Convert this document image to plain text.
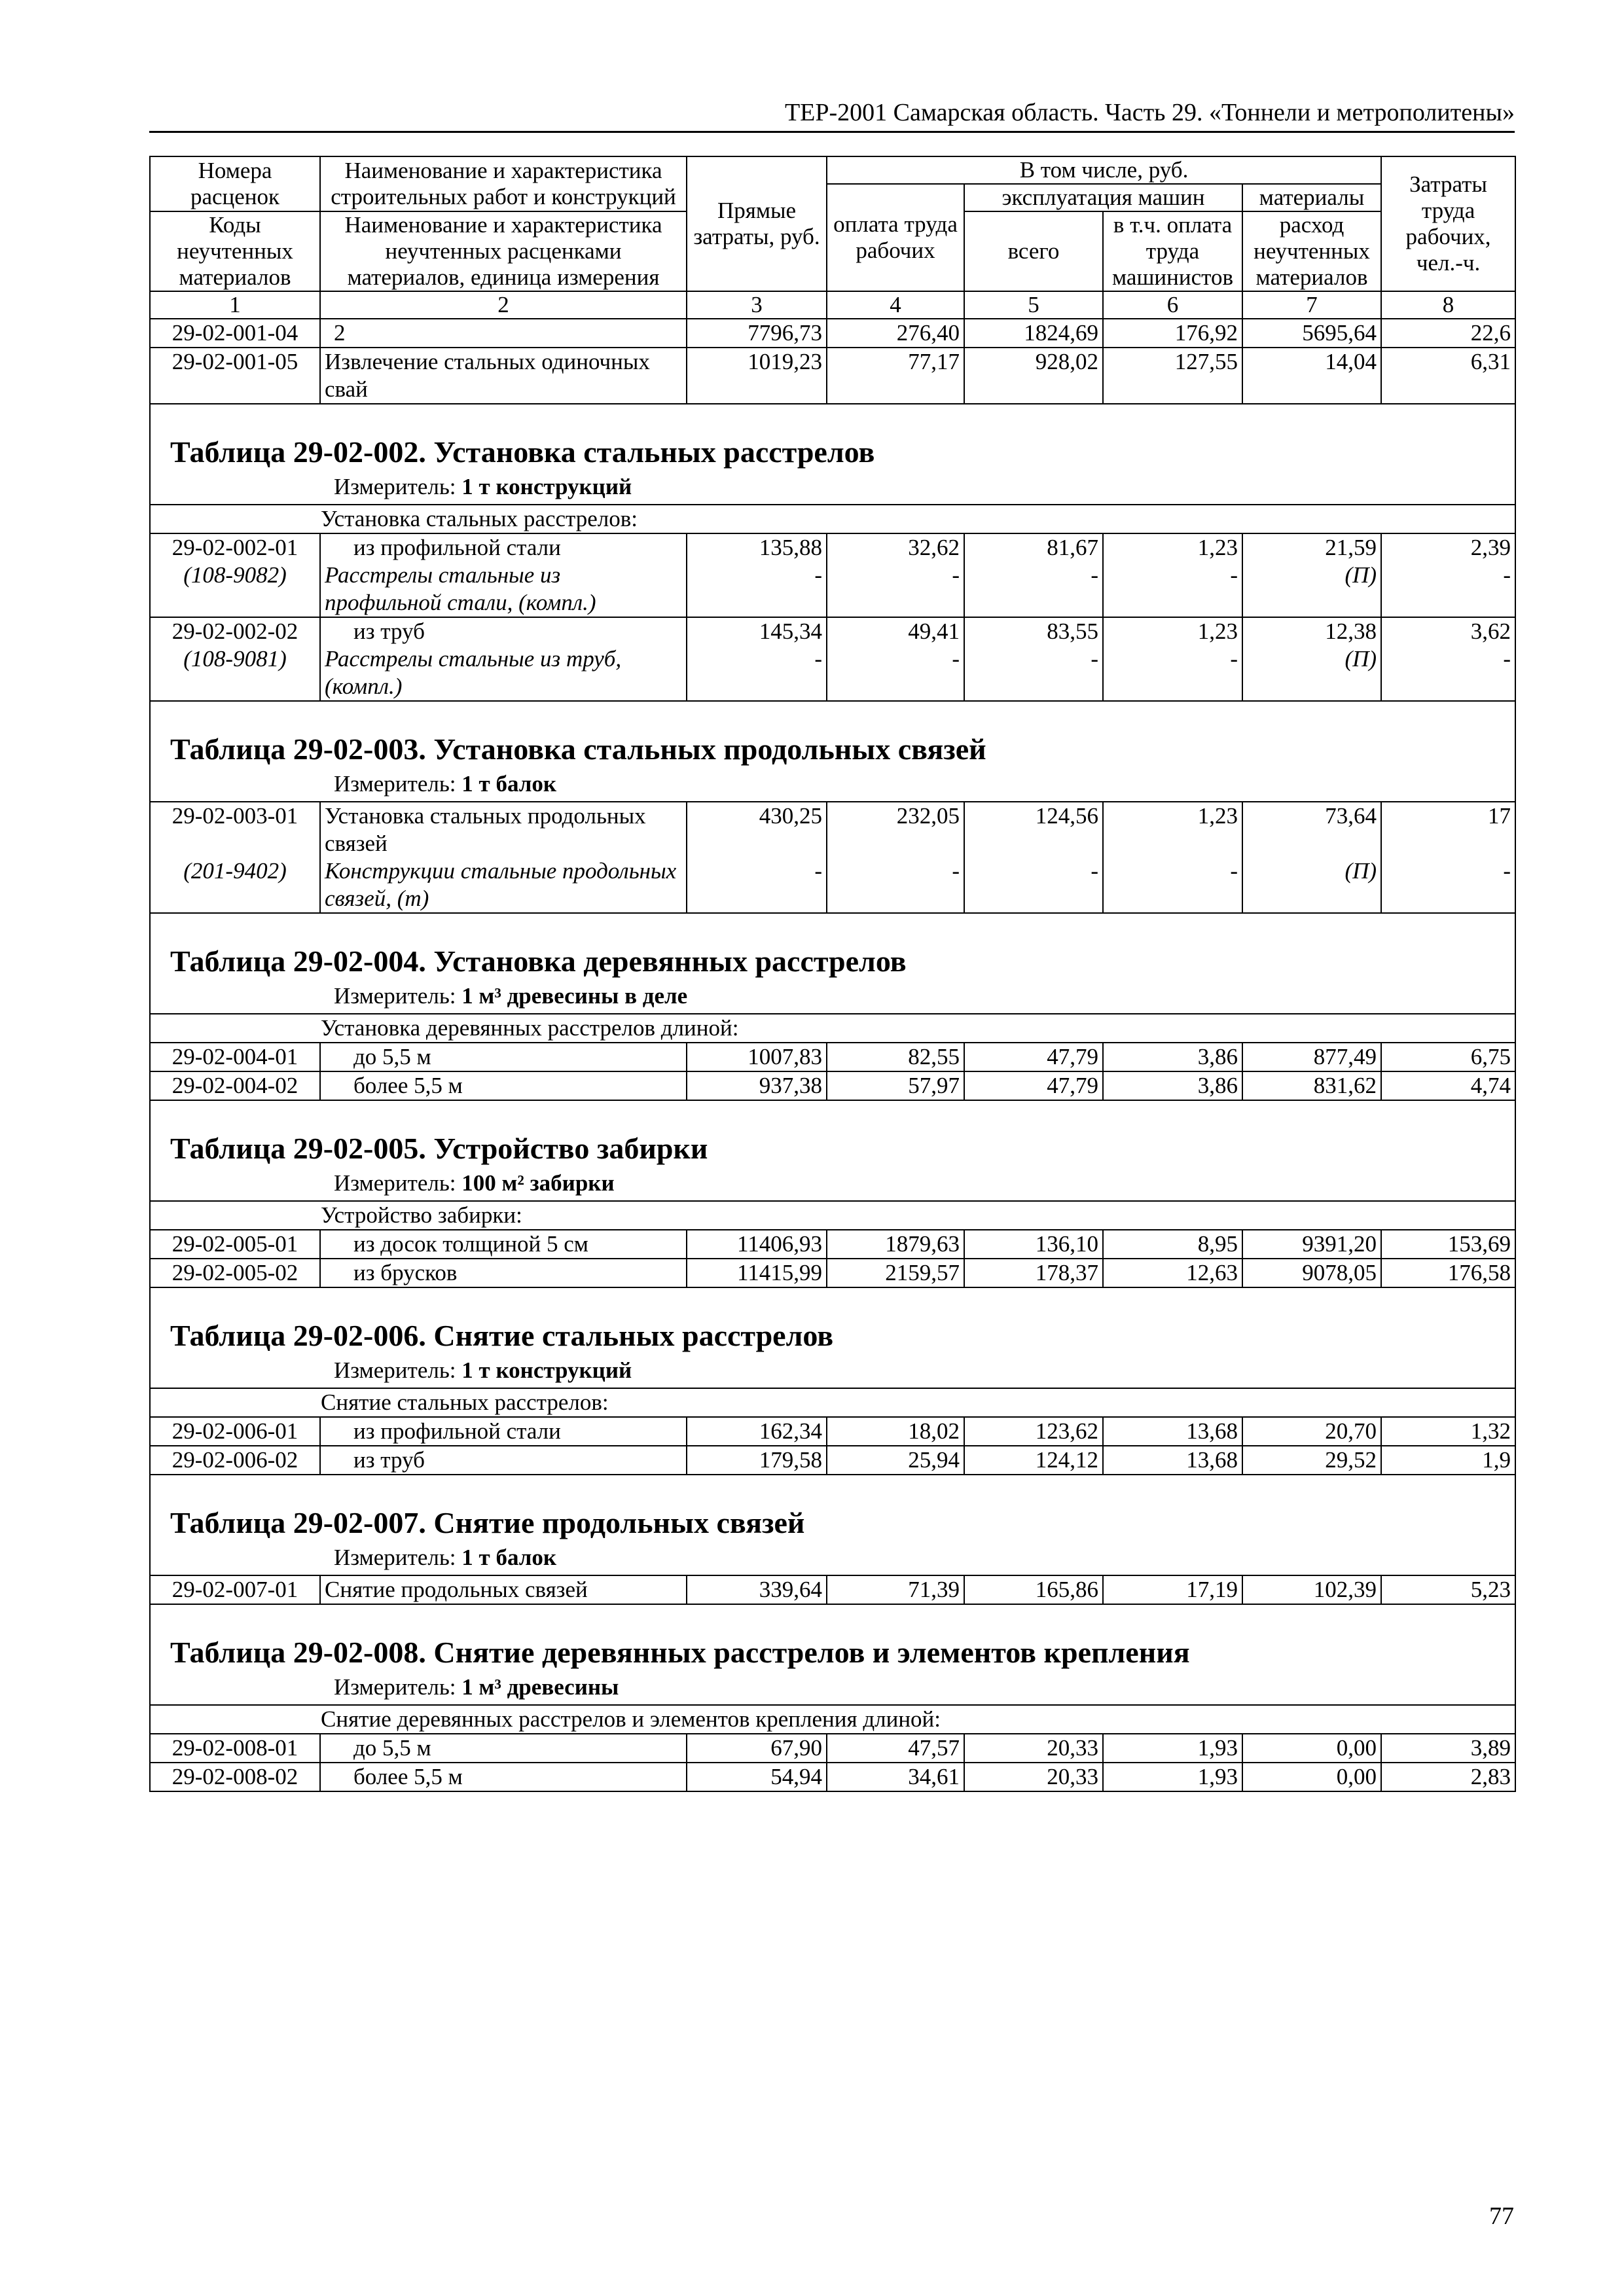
ТЕР-2001 Самарская область. Часть 29. «Тоннели и метрополитены»
Номера расценок	Наименование и характеристика строительных работ и конструкций	Прямые затраты, руб.	В том числе, руб.				Затраты труда рабочих, чел.-ч.
			оплата труда рабочих	эксплуатация машин		материалы	
Коды неучтенных материалов	Наименование и характеристика неучтенных расценками материалов, единица измерения			всего	в т.ч. оплата труда машинистов	расход неучтенных материалов	

1	2	3	4	5	6	7	8
29-02-001-04	2	7796,73	276,40	1824,69	176,92	5695,64	22,6
29-02-001-05	Извлечение стальных одиночных свай	1019,23	77,17	928,02	127,55	14,04	6,31

Таблица 29-02-002. Установка стальных расстрелов
Измеритель: 1 т конструкций							

Установка стальных расстрелов:							
29-02-002-01	из профильной стали	135,88	32,62	81,67	1,23	21,59	2,39
(108-9082)	Расстрелы стальные из профильной стали, (компл.)	-	-	-	-	(П)	-
29-02-002-02	из труб	145,34	49,41	83,55	1,23	12,38	3,62
(108-9081)	Расстрелы стальные из труб, (компл.)	-	-	-	-	(П)	-

Таблица 29-02-003. Установка стальных продольных связей
Измеритель: 1 т балок							

29-02-003-01	Установка стальных продольных связей	430,25	232,05	124,56	1,23	73,64	17
(201-9402)	Конструкции стальные продольных связей, (т)	-	-	-	-	(П)	-

Таблица 29-02-004. Установка деревянных расстрелов
Измеритель: 1 м³ древесины в деле							

Установка деревянных расстрелов длиной:							
29-02-004-01	до 5,5 м	1007,83	82,55	47,79	3,86	877,49	6,75
29-02-004-02	более 5,5 м	937,38	57,97	47,79	3,86	831,62	4,74

Таблица 29-02-005. Устройство забирки
Измеритель: 100 м² забирки							

Устройство забирки:							
29-02-005-01	из досок толщиной 5 см	11406,93	1879,63	136,10	8,95	9391,20	153,69
29-02-005-02	из брусков	11415,99	2159,57	178,37	12,63	9078,05	176,58

Таблица 29-02-006. Снятие стальных расстрелов
Измеритель: 1 т конструкций							

Снятие стальных расстрелов:							
29-02-006-01	из профильной стали	162,34	18,02	123,62	13,68	20,70	1,32
29-02-006-02	из труб	179,58	25,94	124,12	13,68	29,52	1,9

Таблица 29-02-007. Снятие продольных связей
Измеритель: 1 т балок							

29-02-007-01	Снятие продольных связей	339,64	71,39	165,86	17,19	102,39	5,23

Таблица 29-02-008. Снятие деревянных расстрелов и элементов крепления
Измеритель: 1 м³ древесины							

Снятие деревянных расстрелов и элементов крепления длиной:							
29-02-008-01	до 5,5 м	67,90	47,57	20,33	1,93	0,00	3,89
29-02-008-02	более 5,5 м	54,94	34,61	20,33	1,93	0,00	2,83
77
